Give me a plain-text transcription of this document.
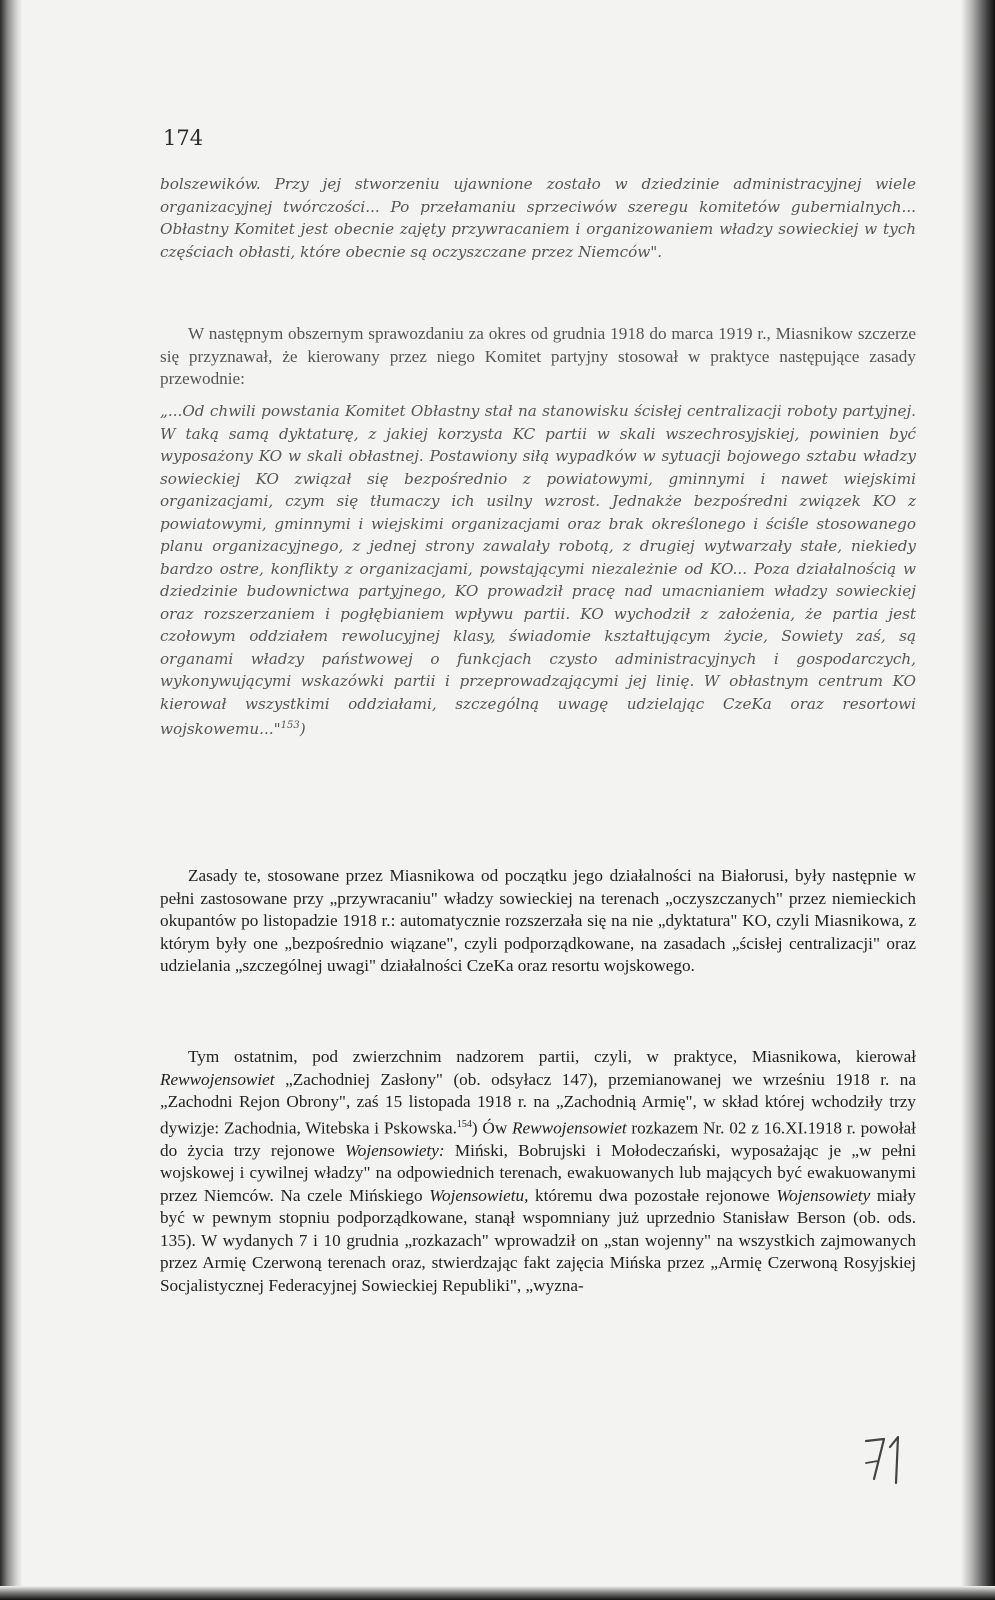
174

bolszewików. Przy jej stworzeniu ujawnione zostało w dziedzinie administracyjnej wiele organizacyjnej twórczości... Po przełamaniu sprzeciwów szeregu komitetów gubernialnych... Obłastny Komitet jest obecnie zajęty przywracaniem i organizowaniem władzy sowieckiej w tych częściach obłasti, które obecnie są oczyszczane przez Niemców".

W następnym obszernym sprawozdaniu za okres od grudnia 1918 do marca 1919 r., Miasnikow szczerze się przyznawał, że kierowany przez niego Komitet partyjny stosował w praktyce następujące zasady przewodnie:

„...Od chwili powstania Komitet Obłastny stał na stanowisku ścisłej centralizacji roboty partyjnej. W taką samą dyktaturę, z jakiej korzysta KC partii w skali wszechrosyjskiej, powinien być wyposażony KO w skali obłastnej. Postawiony siłą wypadków w sytuacji bojowego sztabu władzy sowieckiej KO związał się bezpośrednio z powiatowymi, gminnymi i nawet wiejskimi organizacjami, czym się tłumaczy ich usilny wzrost. Jednakże bezpośredni związek KO z powiatowymi, gminnymi i wiejskimi organizacjami oraz brak określonego i ściśle stosowanego planu organizacyjnego, z jednej strony zawalały robotą, z drugiej wytwarzały stałe, niekiedy bardzo ostre, konflikty z organizacjami, powstającymi niezależnie od KO... Poza działalnością w dziedzinie budownictwa partyjnego, KO prowadził pracę nad umacnianiem władzy sowieckiej oraz rozszerzaniem i pogłębianiem wpływu partii. KO wychodził z założenia, że partia jest czołowym oddziałem rewolucyjnej klasy, świadomie kształtującym życie, Sowiety zaś, są organami władzy państwowej o funkcjach czysto administracyjnych i gospodarczych, wykonywującymi wskazówki partii i przeprowadzającymi jej linię. W obłastnym centrum KO kierował wszystkimi oddziałami, szczególną uwagę udzielając CzeKa oraz resortowi wojskowemu..."$^{153}$)

Zasady te, stosowane przez Miasnikowa od początku jego działalności na Białorusi, były następnie w pełni zastosowane przy „przywracaniu" władzy sowieckiej na terenach „oczyszczanych" przez niemieckich okupantów po listopadzie 1918 r.: automatycznie rozszerzała się na nie „dyktatura" KO, czyli Miasnikowa, z którym były one „bezpośrednio wiązane", czyli podporządkowane, na zasadach „ścisłej centralizacji" oraz udzielania „szczególnej uwagi" działalności CzeKa oraz resortu wojskowego.

Tym ostatnim, pod zwierzchnim nadzorem partii, czyli, w praktyce, Miasnikowa, kierował Rewwojensowiet „Zachodniej Zasłony" (ob. odsyłacz 147), przemianowanej we wrześniu 1918 r. na „Zachodni Rejon Obrony", zaś 15 listopada 1918 r. na „Zachodnią Armię", w skład której wchodziły trzy dywizje: Zachodnia, Witebska i Pskowska.$^{154}$) Ów Rewwojensowiet rozkazem Nr. 02 z 16.XI.1918 r. powołał do życia trzy rejonowe Wojensowiety: Miński, Bobrujski i Mołodeczański, wyposażając je „w pełni wojskowej i cywilnej władzy" na odpowiednich terenach, ewakuowanych lub mających być ewakuowanymi przez Niemców. Na czele Mińskiego Wojensowietu, któremu dwa pozostałe rejonowe Wojensowiety miały być w pewnym stopniu podporządkowane, stanął wspomniany już uprzednio Stanisław Berson (ob. ods. 135). W wydanych 7 i 10 grudnia „rozkazach" wprowadził on „stan wojenny" na wszystkich zajmowanych przez Armię Czerwoną terenach oraz, stwierdzając fakt zajęcia Mińska przez „Armię Czerwoną Rosyjskiej Socjalistycznej Federacyjnej Sowieckiej Republiki", „wyzna-
